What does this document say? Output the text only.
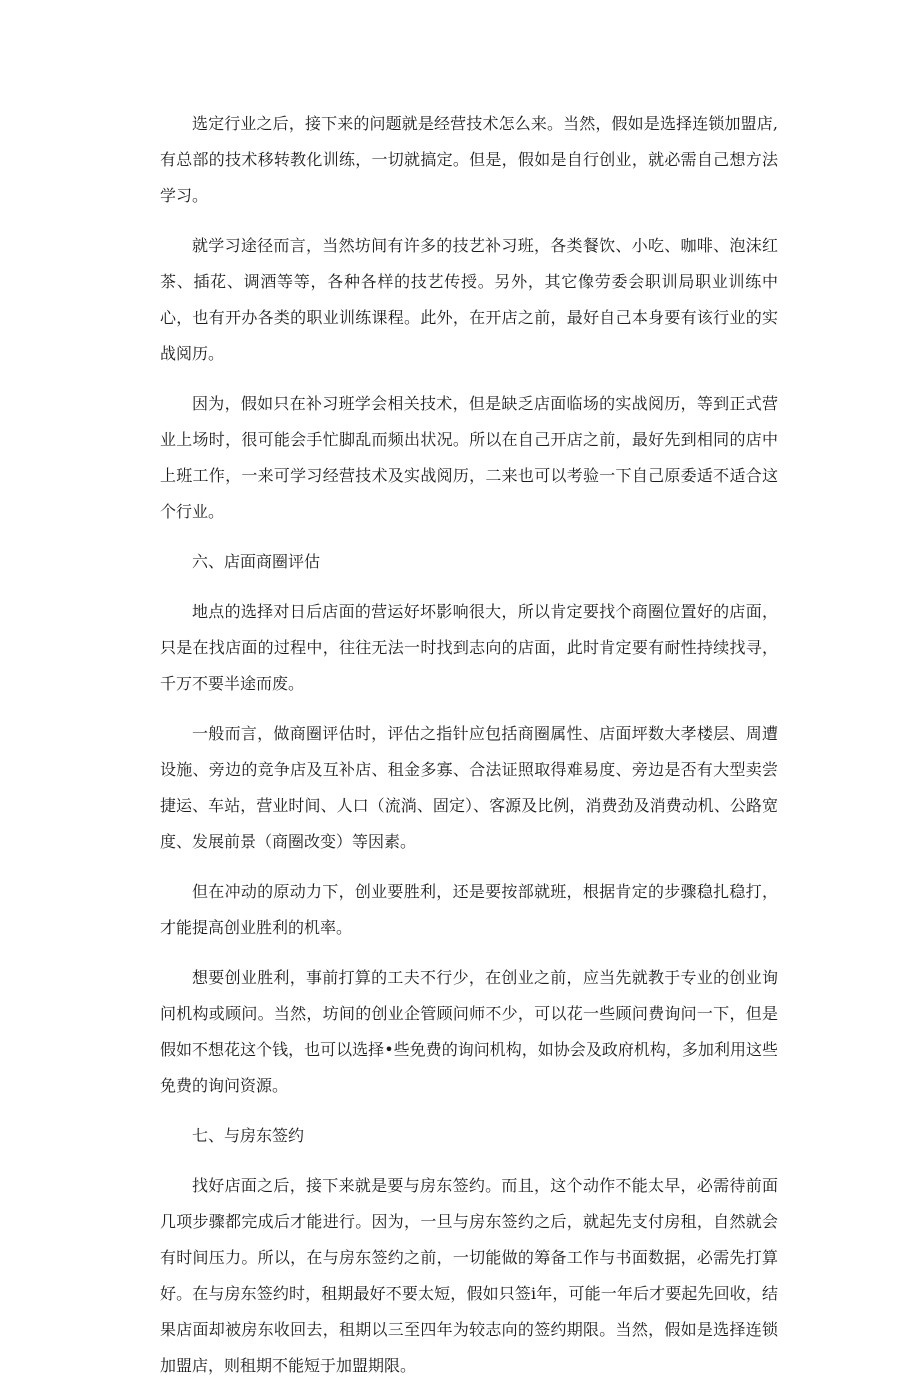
选定行业之后，接下来的问题就是经营技术怎么来。当然，假如是选择连锁加盟店,有总部的技术移转教化训练，一切就搞定。但是，假如是自行创业，就必需自己想方法学习。

就学习途径而言，当然坊间有许多的技艺补习班，各类餐饮、小吃、咖啡、泡沫红茶、插花、调酒等等，各种各样的技艺传授。另外，其它像劳委会职训局职业训练中心，也有开办各类的职业训练课程。此外，在开店之前，最好自己本身要有该行业的实战阅历。

因为，假如只在补习班学会相关技术，但是缺乏店面临场的实战阅历，等到正式营业上场时，很可能会手忙脚乱而频出状况。所以在自己开店之前，最好先到相同的店中上班工作，一来可学习经营技术及实战阅历，二来也可以考验一下自己原委适不适合这个行业。

六、店面商圈评估

地点的选择对日后店面的营运好坏影响很大，所以肯定要找个商圈位置好的店面，只是在找店面的过程中，往往无法一时找到志向的店面，此时肯定要有耐性持续找寻，千万不要半途而废。

一般而言，做商圈评估时，评估之指针应包括商圈属性、店面坪数大孝楼层、周遭设施、旁边的竞争店及互补店、租金多寡、合法证照取得难易度、旁边是否有大型卖尝捷运、车站，营业时间、人口（流淌、固定）、客源及比例，消费劲及消费动机、公路宽度、发展前景（商圈改变）等因素。

但在冲动的原动力下，创业要胜利，还是要按部就班，根据肯定的步骤稳扎稳打，才能提高创业胜利的机率。

想要创业胜利，事前打算的工夫不行少，在创业之前，应当先就教于专业的创业询问机构或顾问。当然，坊间的创业企管顾问师不少，可以花一些顾问费询问一下，但是假如不想花这个钱，也可以选择•些免费的询问机构，如协会及政府机构，多加利用这些免费的询问资源。

七、与房东签约

找好店面之后，接下来就是要与房东签约。而且，这个动作不能太早，必需待前面几项步骤都完成后才能进行。因为，一旦与房东签约之后，就起先支付房租，自然就会有时间压力。所以，在与房东签约之前，一切能做的筹备工作与书面数据，必需先打算好。在与房东签约时，租期最好不要太短，假如只签i年，可能一年后才要起先回收，结果店面却被房东收回去，租期以三至四年为较志向的签约期限。当然，假如是选择连锁加盟店，则租期不能短于加盟期限。
